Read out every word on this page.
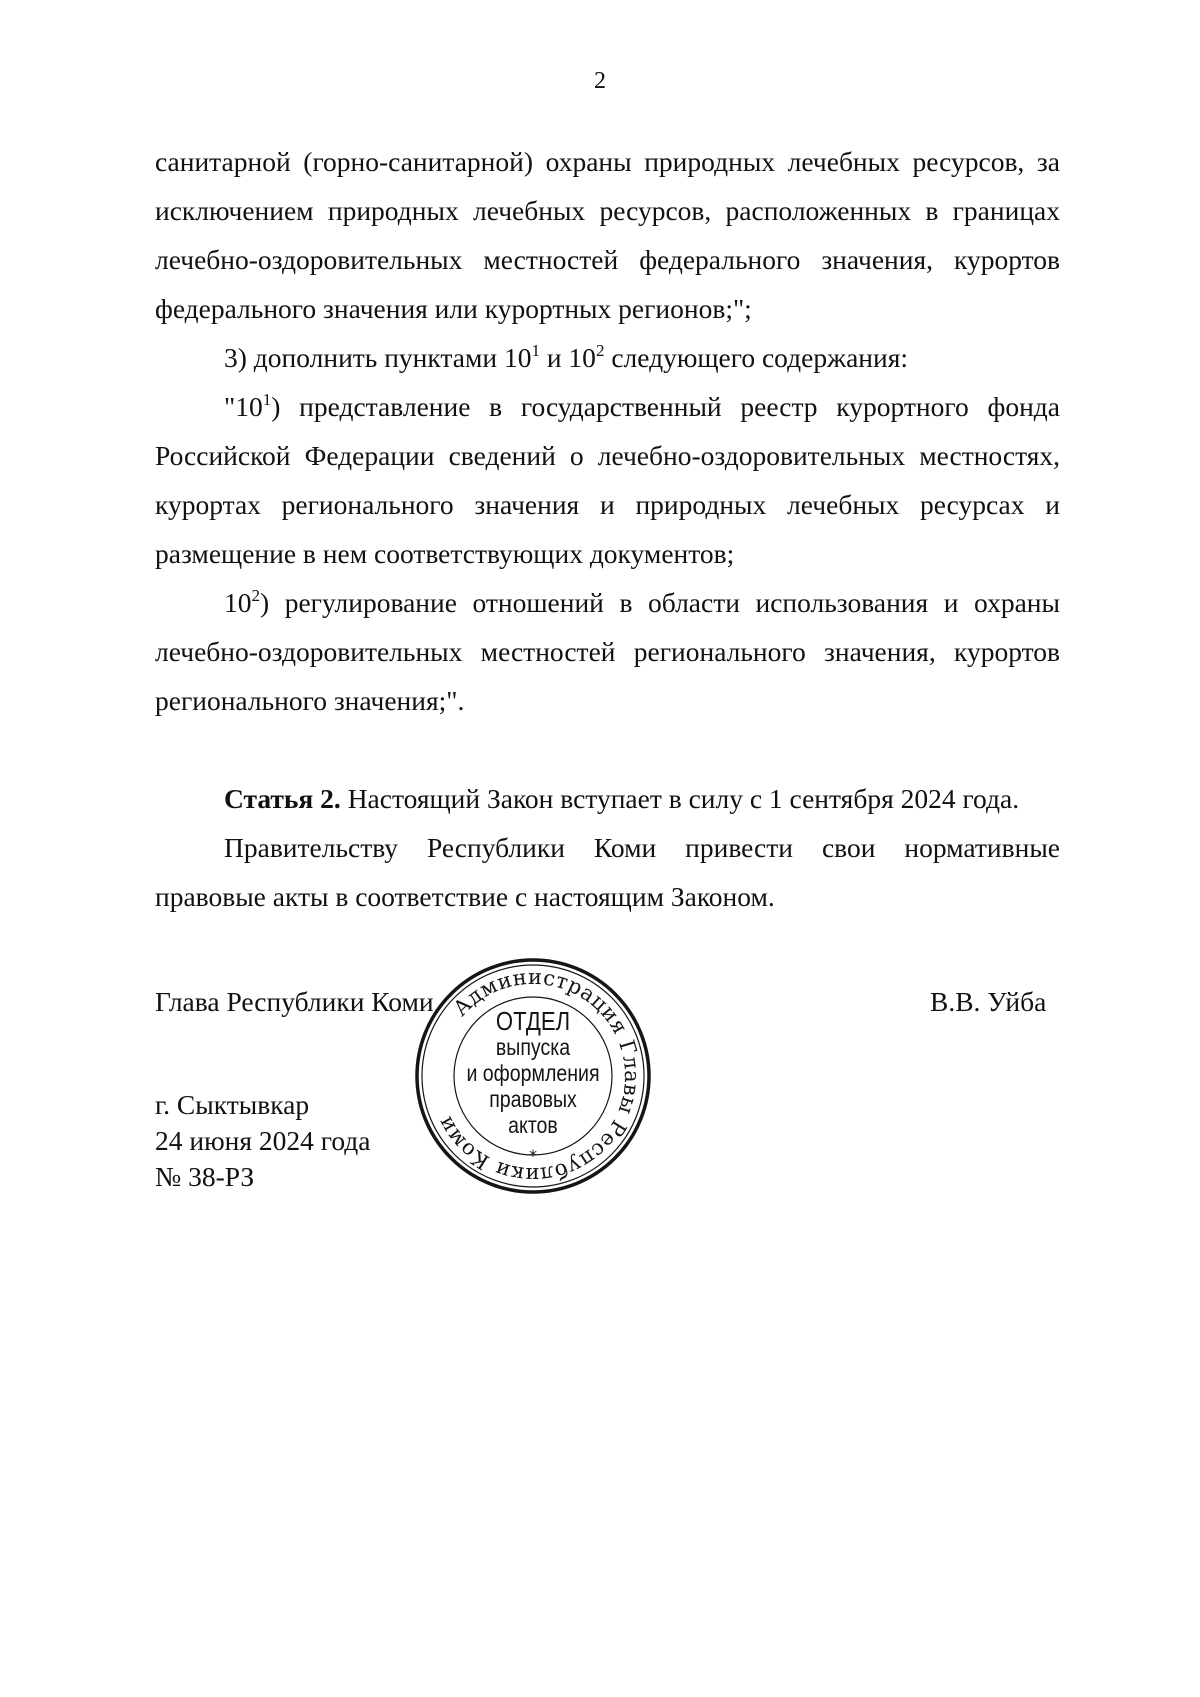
2

санитарной (горно-санитарной) охраны природных лечебных ресурсов, за исключением природных лечебных ресурсов, расположенных в границах лечебно-оздоровительных местностей федерального значения, курортов федерального значения или курортных регионов;";

3) дополнить пунктами $10^1$ и $10^2$ следующего содержания:

"$10^1$) представление в государственный реестр курортного фонда Российской Федерации сведений о лечебно-оздоровительных местностях, курортах регионального значения и природных лечебных ресурсах и размещение в нем соответствующих документов;

$10^2$) регулирование отношений в области использования и охраны лечебно-оздоровительных местностей регионального значения, курортов регионального значения;".

Статья 2. Настоящий Закон вступает в силу с 1 сентября 2024 года.

Правительству Республики Коми привести свои нормативные правовые акты в соответствие с настоящим Законом.

Глава Республики Коми	В.В. Уйба
г. Сыктывкар
24 июня 2024 года
№ 38-РЗ
Администрация Главы Республики Коми
ОТДЕЛ
выпуска
и оформления
правовых
актов
*
